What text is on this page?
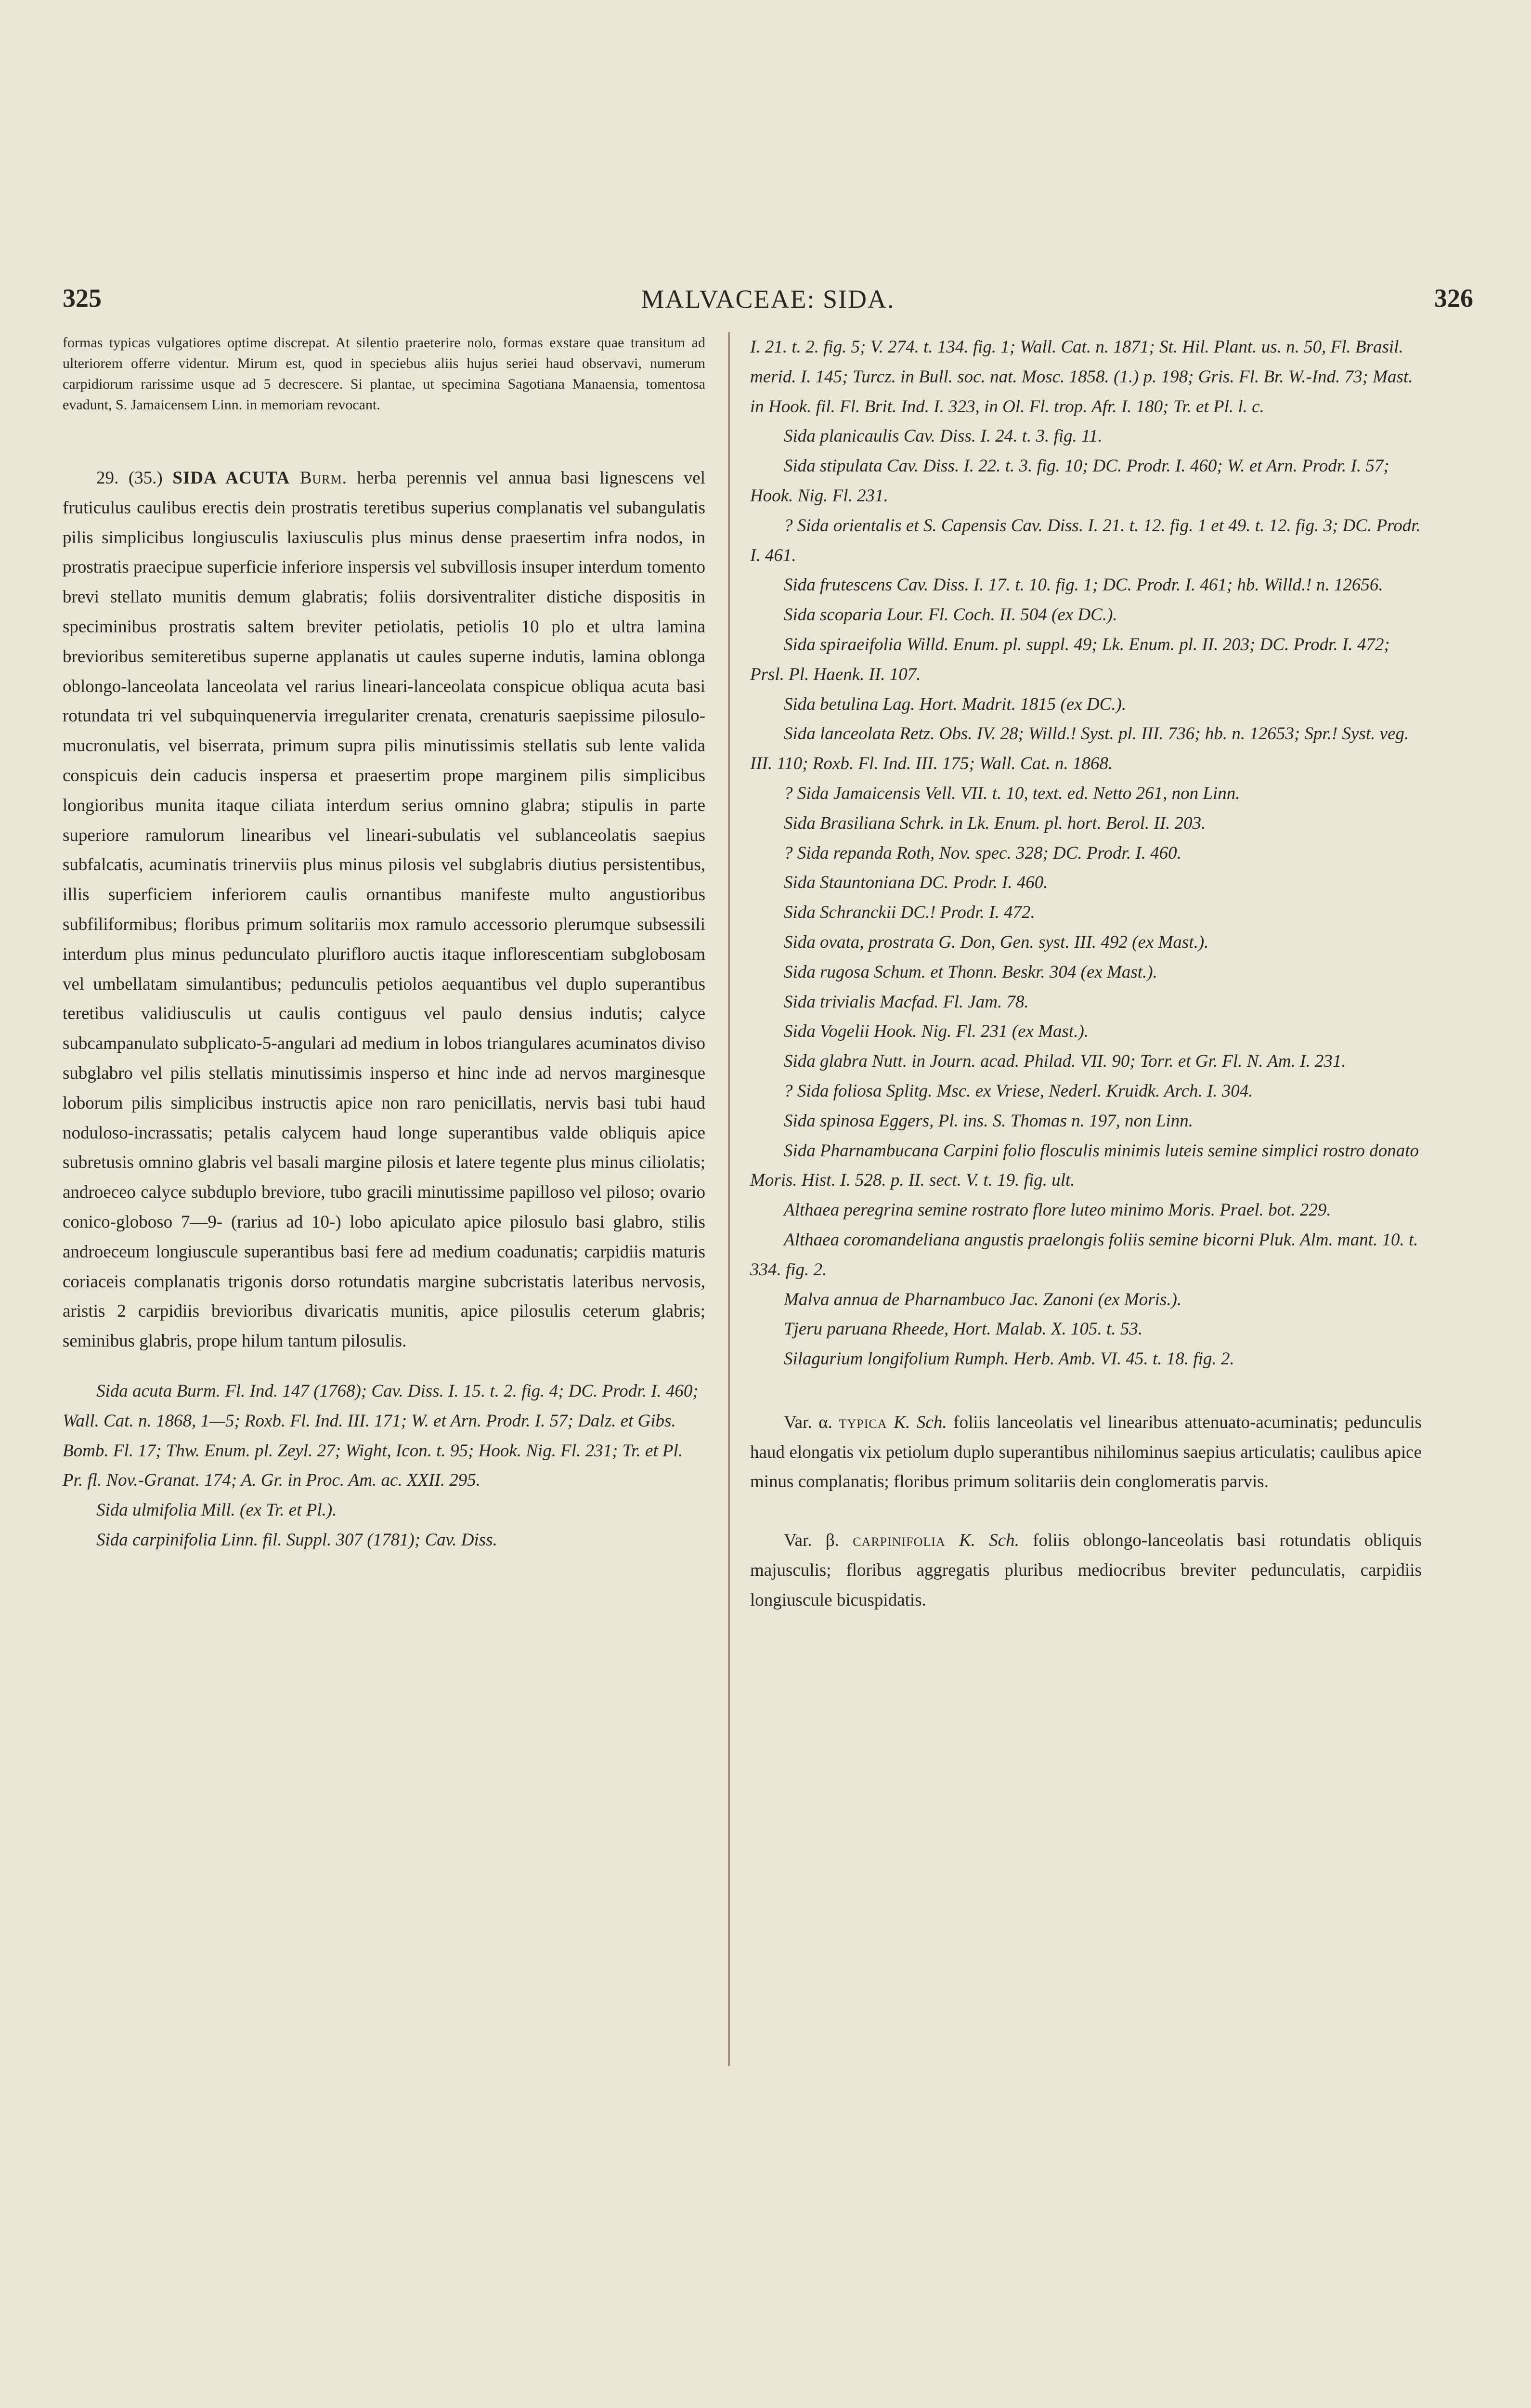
325	MALVACEAE: SIDA.	326

formas typicas vulgatiores optime discrepat. At silentio praeterire nolo, formas exstare quae transitum ad ulteriorem offerre videntur. Mirum est, quod in speciebus aliis hujus seriei haud observavi, numerum carpidiorum rarissime usque ad 5 decrescere. Si plantae, ut specimina Sagotiana Manaensia, tomentosa evadunt, S. Jamaicensem Linn. in memoriam revocant.

29. (35.) SIDA ACUTA Burm. herba perennis vel annua basi lignescens vel fruticulus caulibus erectis dein prostratis teretibus superius complanatis vel subangulatis pilis simplicibus longiusculis laxiusculis plus minus dense praesertim infra nodos, in prostratis praecipue superficie inferiore inspersis vel subvillosis insuper interdum tomento brevi stellato munitis demum glabratis; foliis dorsiventraliter distiche dispositis in speciminibus prostratis saltem breviter petiolatis, petiolis 10 plo et ultra lamina brevioribus semiteretibus superne applanatis ut caules superne indutis, lamina oblonga oblongo-lanceolata lanceolata vel rarius lineari-lanceolata conspicue obliqua acuta basi rotundata tri vel subquinquenervia irregulariter crenata, crenaturis saepissime pilosulo-mucronulatis, vel biserrata, primum supra pilis minutissimis stellatis sub lente valida conspicuis dein caducis inspersa et praesertim prope marginem pilis simplicibus longioribus munita itaque ciliata interdum serius omnino glabra; stipulis in parte superiore ramulorum linearibus vel lineari-subulatis vel sublanceolatis saepius subfalcatis, acuminatis trinerviis plus minus pilosis vel subglabris diutius persistentibus, illis superficiem inferiorem caulis ornantibus manifeste multo angustioribus subfiliformibus; floribus primum solitariis mox ramulo accessorio plerumque subsessili interdum plus minus pedunculato plurifloro auctis itaque inflorescentiam subglobosam vel umbellatam simulantibus; pedunculis petiolos aequantibus vel duplo superantibus teretibus validiusculis ut caulis contiguus vel paulo densius indutis; calyce subcampanulato subplicato-5-angulari ad medium in lobos triangulares acuminatos diviso subglabro vel pilis stellatis minutissimis insperso et hinc inde ad nervos marginesque loborum pilis simplicibus instructis apice non raro penicillatis, nervis basi tubi haud noduloso-incrassatis; petalis calycem haud longe superantibus valde obliquis apice subretusis omnino glabris vel basali margine pilosis et latere tegente plus minus ciliolatis; androeceo calyce subduplo breviore, tubo gracili minutissime papilloso vel piloso; ovario conico-globoso 7—9- (rarius ad 10-) lobo apiculato apice pilosulo basi glabro, stilis androeceum longiuscule superantibus basi fere ad medium coadunatis; carpidiis maturis coriaceis complanatis trigonis dorso rotundatis margine subcristatis lateribus nervosis, aristis 2 carpidiis brevioribus divaricatis munitis, apice pilosulis ceterum glabris; seminibus glabris, prope hilum tantum pilosulis.

Sida acuta Burm. Fl. Ind. 147 (1768); Cav. Diss. I. 15. t. 2. fig. 4; DC. Prodr. I. 460; Wall. Cat. n. 1868, 1—5; Roxb. Fl. Ind. III. 171; W. et Arn. Prodr. I. 57; Dalz. et Gibs. Bomb. Fl. 17; Thw. Enum. pl. Zeyl. 27; Wight, Icon. t. 95; Hook. Nig. Fl. 231; Tr. et Pl. Pr. fl. Nov.-Granat. 174; A. Gr. in Proc. Am. ac. XXII. 295.

Sida ulmifolia Mill. (ex Tr. et Pl.).

Sida carpinifolia Linn. fil. Suppl. 307 (1781); Cav. Diss.

I. 21. t. 2. fig. 5; V. 274. t. 134. fig. 1; Wall. Cat. n. 1871; St. Hil. Plant. us. n. 50, Fl. Brasil. merid. I. 145; Turcz. in Bull. soc. nat. Mosc. 1858. (1.) p. 198; Gris. Fl. Br. W.-Ind. 73; Mast. in Hook. fil. Fl. Brit. Ind. I. 323, in Ol. Fl. trop. Afr. I. 180; Tr. et Pl. l. c.

Sida planicaulis Cav. Diss. I. 24. t. 3. fig. 11.

Sida stipulata Cav. Diss. I. 22. t. 3. fig. 10; DC. Prodr. I. 460; W. et Arn. Prodr. I. 57; Hook. Nig. Fl. 231.

? Sida orientalis et S. Capensis Cav. Diss. I. 21. t. 12. fig. 1 et 49. t. 12. fig. 3; DC. Prodr. I. 461.

Sida frutescens Cav. Diss. I. 17. t. 10. fig. 1; DC. Prodr. I. 461; hb. Willd.! n. 12656.

Sida scoparia Lour. Fl. Coch. II. 504 (ex DC.).

Sida spiraeifolia Willd. Enum. pl. suppl. 49; Lk. Enum. pl. II. 203; DC. Prodr. I. 472; Prsl. Pl. Haenk. II. 107.

Sida betulina Lag. Hort. Madrit. 1815 (ex DC.).

Sida lanceolata Retz. Obs. IV. 28; Willd.! Syst. pl. III. 736; hb. n. 12653; Spr.! Syst. veg. III. 110; Roxb. Fl. Ind. III. 175; Wall. Cat. n. 1868.

? Sida Jamaicensis Vell. VII. t. 10, text. ed. Netto 261, non Linn.

Sida Brasiliana Schrk. in Lk. Enum. pl. hort. Berol. II. 203.

? Sida repanda Roth, Nov. spec. 328; DC. Prodr. I. 460.

Sida Stauntoniana DC. Prodr. I. 460.

Sida Schranckii DC.! Prodr. I. 472.

Sida ovata, prostrata G. Don, Gen. syst. III. 492 (ex Mast.).

Sida rugosa Schum. et Thonn. Beskr. 304 (ex Mast.).

Sida trivialis Macfad. Fl. Jam. 78.

Sida Vogelii Hook. Nig. Fl. 231 (ex Mast.).

Sida glabra Nutt. in Journ. acad. Philad. VII. 90; Torr. et Gr. Fl. N. Am. I. 231.

? Sida foliosa Splitg. Msc. ex Vriese, Nederl. Kruidk. Arch. I. 304.

Sida spinosa Eggers, Pl. ins. S. Thomas n. 197, non Linn.

Sida Pharnambucana Carpini folio flosculis minimis luteis semine simplici rostro donato Moris. Hist. I. 528. p. II. sect. V. t. 19. fig. ult.

Althaea peregrina semine rostrato flore luteo minimo Moris. Prael. bot. 229.

Althaea coromandeliana angustis praelongis foliis semine bicorni Pluk. Alm. mant. 10. t. 334. fig. 2.

Malva annua de Pharnambuco Jac. Zanoni (ex Moris.).

Tjeru paruana Rheede, Hort. Malab. X. 105. t. 53.

Silagurium longifolium Rumph. Herb. Amb. VI. 45. t. 18. fig. 2.

Var. α. typica K. Sch. foliis lanceolatis vel linearibus attenuato-acuminatis; pedunculis haud elongatis vix petiolum duplo superantibus nihilominus saepius articulatis; caulibus apice minus complanatis; floribus primum solitariis dein conglomeratis parvis.

Var. β. carpinifolia K. Sch. foliis oblongo-lanceolatis basi rotundatis obliquis majusculis; floribus aggregatis pluribus mediocribus breviter pedunculatis, carpidiis longiuscule bicuspidatis.
